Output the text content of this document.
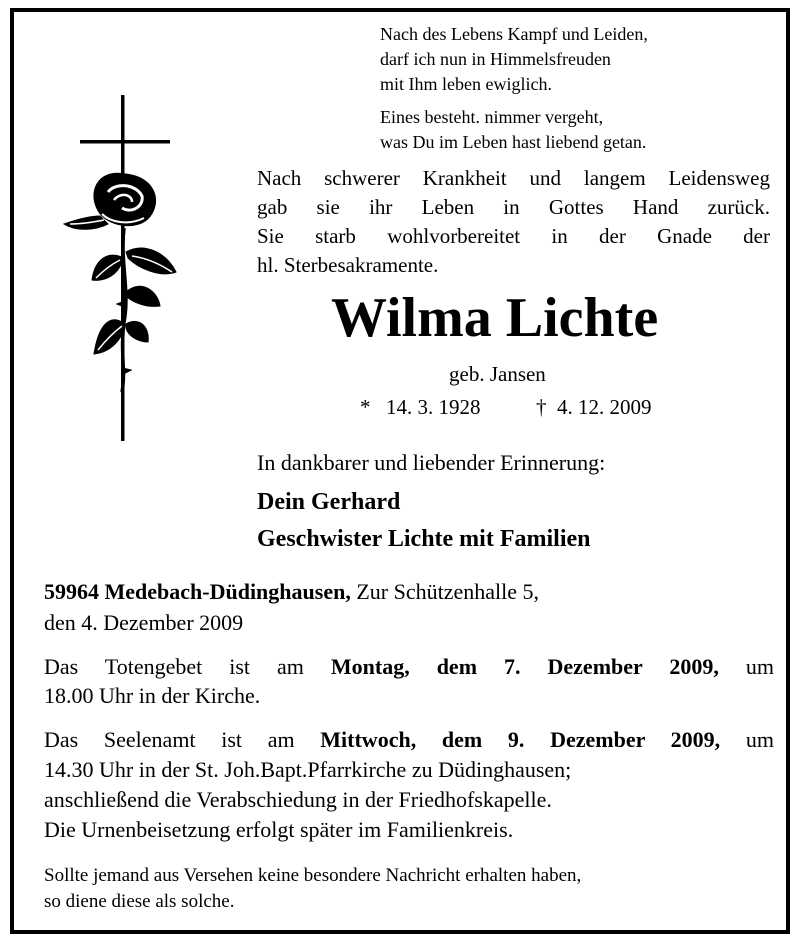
Nach des Lebens Kampf und Leiden,
darf ich nun in Himmelsfreuden
mit Ihm leben ewiglich.
Eines besteht. nimmer vergeht,
was Du im Leben hast liebend getan.
Nach schwerer Krankheit und langem Leidensweg
gab sie ihr Leben in Gottes Hand zurück.
Sie starb wohlvorbereitet in der Gnade der
hl. Sterbesakramente.
Wilma Lichte
geb. Jansen
* 14. 3. 1928	† 4. 12. 2009
In dankbarer und liebender Erinnerung:
Dein Gerhard
Geschwister Lichte mit Familien
59964 Medebach-Düdinghausen, Zur Schützenhalle 5,
den 4. Dezember 2009
Das Totengebet ist am Montag, dem 7. Dezember 2009, um
18.00 Uhr in der Kirche.
Das Seelenamt ist am Mittwoch, dem 9. Dezember 2009, um
14.30 Uhr in der St. Joh.Bapt.Pfarrkirche zu Düdinghausen;
anschließend die Verabschiedung in der Friedhofskapelle.
Die Urnenbeisetzung erfolgt später im Familienkreis.
Sollte jemand aus Versehen keine besondere Nachricht erhalten haben,
so diene diese als solche.
